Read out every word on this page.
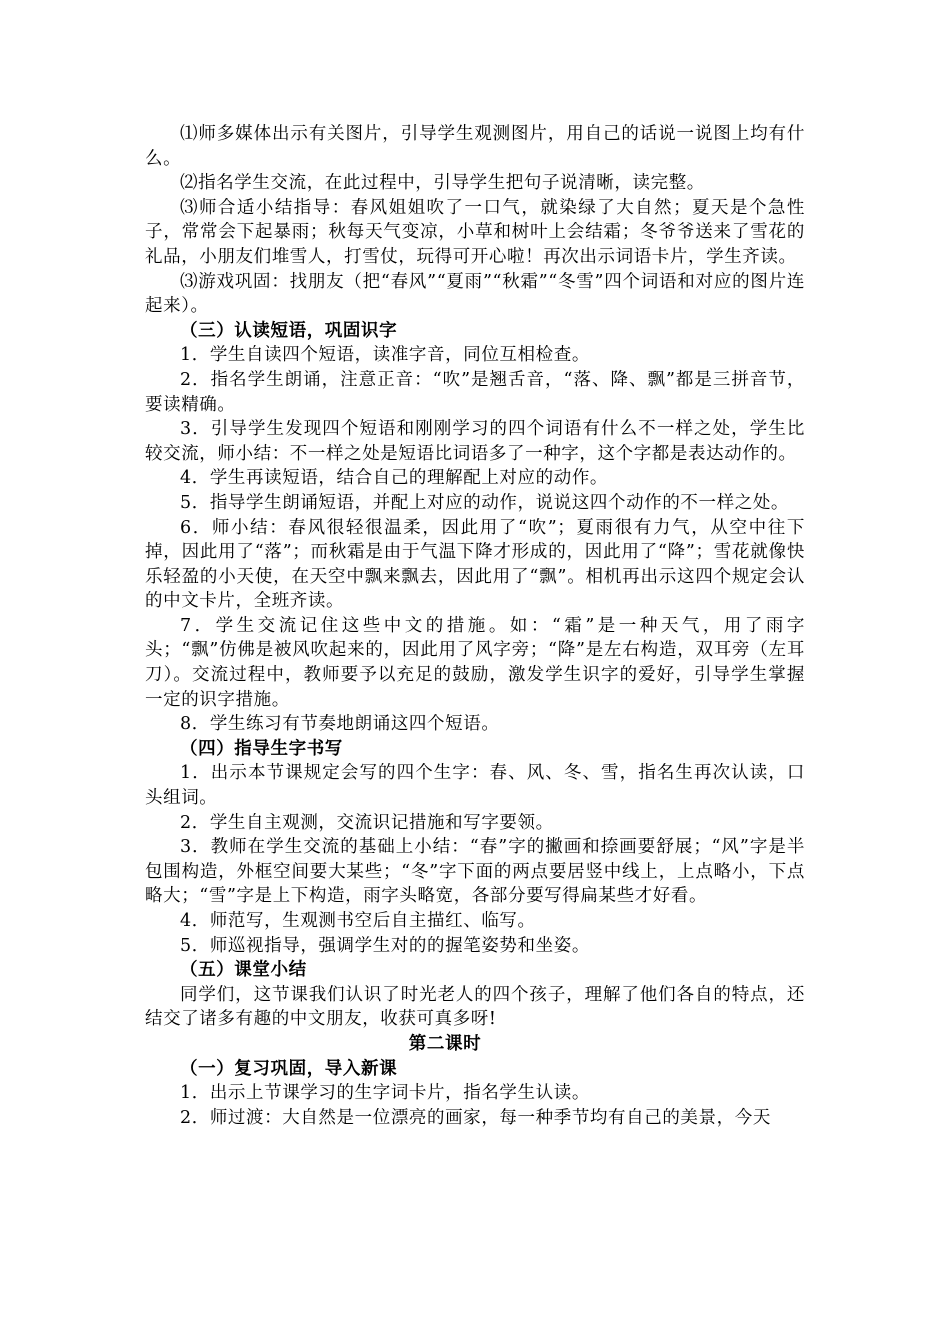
⑴师多媒体出示有关图片，引导学生观测图片，用自己的话说一说图上均有什么。

⑵指名学生交流，在此过程中，引导学生把句子说清晰，读完整。

⑶师合适小结指导：春风姐姐吹了一口气，就染绿了大自然；夏天是个急性子，常常会下起暴雨；秋每天气变凉，小草和树叶上会结霜；冬爷爷送来了雪花的礼品，小朋友们堆雪人，打雪仗，玩得可开心啦！再次出示词语卡片，学生齐读。

⑶游戏巩固：找朋友（把“春风”“夏雨”“秋霜”“冬雪”四个词语和对应的图片连起来）。

（三）认读短语，巩固识字

1．学生自读四个短语，读准字音，同位互相检查。

2．指名学生朗诵，注意正音：“吹”是翘舌音，“落、降、飘”都是三拼音节，要读精确。

3．引导学生发现四个短语和刚刚学习的四个词语有什么不一样之处，学生比较交流，师小结：不一样之处是短语比词语多了一种字，这个字都是表达动作的。

4．学生再读短语，结合自己的理解配上对应的动作。

5．指导学生朗诵短语，并配上对应的动作，说说这四个动作的不一样之处。

6．师小结：春风很轻很温柔，因此用了“吹”；夏雨很有力气，从空中往下掉，因此用了“落”；而秋霜是由于气温下降才形成的，因此用了“降”；雪花就像快乐轻盈的小天使，在天空中飘来飘去，因此用了“飘”。相机再出示这四个规定会认的中文卡片，全班齐读。

7．学生交流记住这些中文的措施。如：“霜”是一种天气，用了雨字头；“飘”仿佛是被风吹起来的，因此用了风字旁；“降”是左右构造，双耳旁（左耳刀）。交流过程中，教师要予以充足的鼓励，激发学生识字的爱好，引导学生掌握一定的识字措施。

8．学生练习有节奏地朗诵这四个短语。

（四）指导生字书写

1．出示本节课规定会写的四个生字：春、风、冬、雪，指名生再次认读，口头组词。

2．学生自主观测，交流识记措施和写字要领。

3．教师在学生交流的基础上小结：“春”字的撇画和捺画要舒展；“风”字是半包围构造，外框空间要大某些；“冬”字下面的两点要居竖中线上，上点略小，下点略大；“雪”字是上下构造，雨字头略宽，各部分要写得扁某些才好看。

4．师范写，生观测书空后自主描红、临写。

5．师巡视指导，强调学生对的的握笔姿势和坐姿。

（五）课堂小结

同学们，这节课我们认识了时光老人的四个孩子，理解了他们各自的特点，还结交了诸多有趣的中文朋友，收获可真多呀!

第二课时

（一）复习巩固，导入新课

1．出示上节课学习的生字词卡片，指名学生认读。

2．师过渡：大自然是一位漂亮的画家，每一种季节均有自己的美景，今天
